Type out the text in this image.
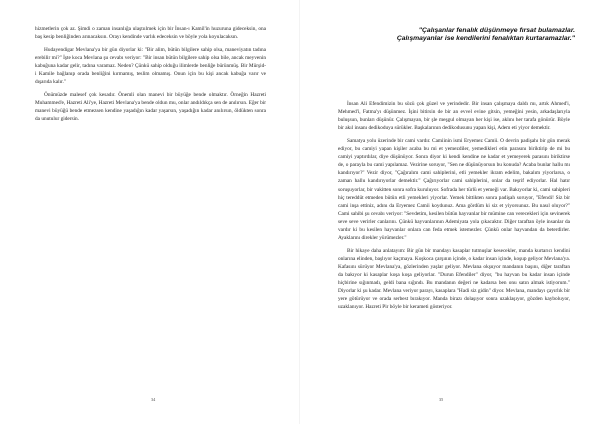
hizmetlerin çok az. Şimdi o zaman insanlığa ulaştıılmek için bir İnsan-ı Kamil'in huzuruna gideceksin, ona baş kesip benliğinden arınacaksın. Orayı kendinde varlık edeceksin ve böyle yola koyulacaksın.

Hudayendigar Mevlana'ya bir gün diyorlar ki: "Bir alim, bütün bilgilere sahip olsa, maneviyatın tadına erebilir mi?" İşte koca Mevlana şu cevabı veriyor: "Bir insan bütün bilgilere sahip olsa bile, ancak meyvenin kabuğuna kadar gelir, tadına varamaz. Neden? Çünkü sahip olduğu ilimlerde benliğe bürünmüş. Bir Mürşid-i Kamile bağlanıp orada benliğini kırmamış, teslim olmamış. Onun için bu kişi ancak kabuğa varır ve dışarıda kalır."

Önümüzde malesef çok kesadır. Önemli olan manevi bir büyüğe bende olmaktır. Örneğin Hazreti Muhammed'e, Hazreti Ali'ye, Hazreti Mevlana'ya bende oldun mu, onlar andıldıkça sen de anılırsın. Eğer bir manevi büyüğü bende etmezsen kendine yaşadığın kadar yaşarsın, yaşadığın kadar anılırsın, öldükten sonra da unutulur gidersin.

34

"Çalışanlar fenalık düşünmeye fırsat bulamazlar. Çalışmayanlar ise kendilerini fenalıktan kurtaramazlar."

İnsan Ali Efendimizin bu sözü çok güzel ve yerindedir. Bir insan çalışmaya daldı mı, artık Ahmed'i, Mehmed'i, Fatma'yı düşünmez. İşini bitirsin de bir an evvel evine gitsin, yemeğini yesin, arkadaşlarıyla buluşsun, bunları düşünür. Çalışmayan, bir şle meşgul olmayan her kişi ise, aklını her tarafa gönürür. Böyle bir akıl insanı dedikoduya sürükler. Başkalarının dedikodusunu yapan kişi, Adem eti yiyor demektir.

Samatya yolu üzerinde bir cami vardır. Camiinin ismi Eryemez Camii. O devrin padişahı bir gün merak ediyor, bu camiyi yapan kişiler acaba bu mi et yemezdiler, yemedikleri etin parasını biriktirip de mi bu camiyi yaptırdılar, diye düşünüyor. Sonra diyor ki kendi kendine ne kadar et yemeyerek parasını biriktirse de, o parayla bu cami yapılamaz. Vezirine soruyor, "Sen ne düşünüyorsun bu konuda? Acaba bunlar hallu mı kandırıyor?" Vezir diyor, "Çağıralım cami sahiplerini, etli yemekler ikram edelim, bakalım yiyorlarsa, o zaman hallu kandırıyorlar demektir." Çağırıyorlar cami sahiplerini, onlar da teşrif ediyorlar. Hal hatır soruşuyorlar, bir vakitten sonra sofra kuruluyor. Sofrada her türlü et yemeği var. Bakıyorlar ki, cami sahipleri hiç tereddüt etmeden bütün etli yemekleri yiyorlar. Yemek bittikten sonra padişah soruyor, "Efendi! Siz bir cami inşa ettiniz, adını da Eryemez Camii koydunuz. Ama gördüm ki siz et yiyorsunuz. Bu nasıl oluyor?" Cami sahibi şu cevabı veriyor: "Sevdetim, kesilen bütün hayvanlar bir mümine can verecekleri için sevinerek seve seve verirler canlarını. Çünkü hayvanlarının Ademiyata yola çıkacaktır. Diğer taraftan öyle insanlar da vardır ki bu kesilen hayvanlar onlara can feda etmek istemezler. Çünkü onlar hayvandan da beterdirler. Ayaklarını direkler yürümezler."

Bir hikaye daha anlatayım: Bir gün bir mandayı kasaplar tutmuşlar kesecekler, manda kurtarıcı kendini onlarına elinden, başlıyor kaçmaya. Koşkoca çarşının içinde, o kadar insan içinde, koşup geliyor Mevlana'ya. Kafasını sürüyor Mevlana'ya, gözlerinden yaşlar geliyor. Mevlana okşuyor mandanın başını, diğer taraftan da bakıyor ki kasaplar koşa koşa geliyorlar. "Durun Efendiler" diyor, "bu hayvan bu kadar insan içinde hiçbirine sığınmadı, geldi bana sığındı. Bu mandanın değeri ne kadarsa ben onu satın almak istiyorum." Diyorlar ki şu kadar. Mevlana veriyor parayı, kasaplara "Hadi siz gidin" diyor. Mevlana, mandayı çayırlık bir yere götürüyor ve orada serbest bırakıyor. Manda birazı dolaşıyor sonra uzaklaşıyor, gözden kayboluyor, uzaklanıyor. Hazreti Pir böyle bir kerameti gösteriyor.

35
